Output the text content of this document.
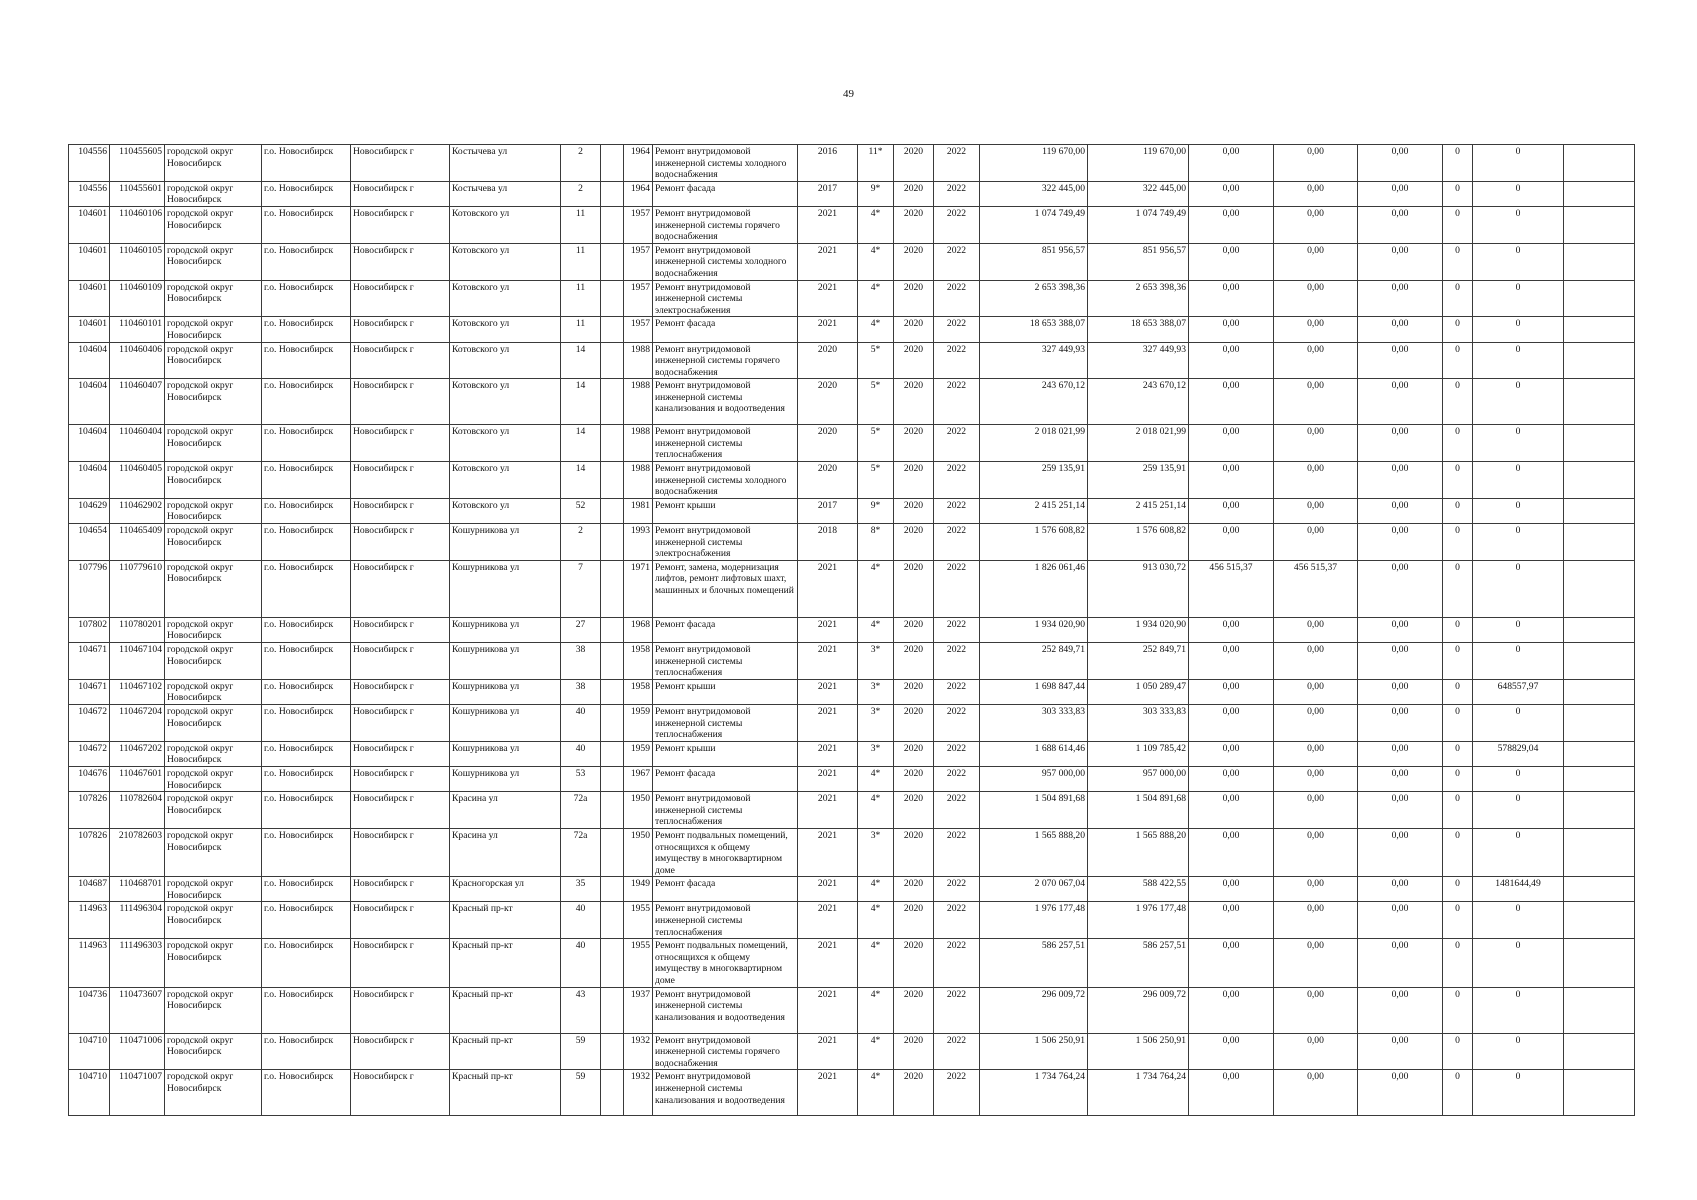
49
104556	110455605	городской округ Новосибирск	г.о. Новосибирск	Новосибирск г	Костычева ул	2		1964	Ремонт внутридомовой инженерной системы холодного водоснабжения	2016	11*	2020	2022	119 670,00	119 670,00	0,00	0,00	0,00	0	0	
104556	110455601	городской округ Новосибирск	г.о. Новосибирск	Новосибирск г	Костычева ул	2		1964	Ремонт фасада	2017	9*	2020	2022	322 445,00	322 445,00	0,00	0,00	0,00	0	0	
104601	110460106	городской округ Новосибирск	г.о. Новосибирск	Новосибирск г	Котовского ул	11		1957	Ремонт внутридомовой инженерной системы горячего водоснабжения	2021	4*	2020	2022	1 074 749,49	1 074 749,49	0,00	0,00	0,00	0	0	
104601	110460105	городской округ Новосибирск	г.о. Новосибирск	Новосибирск г	Котовского ул	11		1957	Ремонт внутридомовой инженерной системы холодного водоснабжения	2021	4*	2020	2022	851 956,57	851 956,57	0,00	0,00	0,00	0	0	
104601	110460109	городской округ Новосибирск	г.о. Новосибирск	Новосибирск г	Котовского ул	11		1957	Ремонт внутридомовой инженерной системы электроснабжения	2021	4*	2020	2022	2 653 398,36	2 653 398,36	0,00	0,00	0,00	0	0	
104601	110460101	городской округ Новосибирск	г.о. Новосибирск	Новосибирск г	Котовского ул	11		1957	Ремонт фасада	2021	4*	2020	2022	18 653 388,07	18 653 388,07	0,00	0,00	0,00	0	0	
104604	110460406	городской округ Новосибирск	г.о. Новосибирск	Новосибирск г	Котовского ул	14		1988	Ремонт внутридомовой инженерной системы горячего водоснабжения	2020	5*	2020	2022	327 449,93	327 449,93	0,00	0,00	0,00	0	0	
104604	110460407	городской округ Новосибирск	г.о. Новосибирск	Новосибирск г	Котовского ул	14		1988	Ремонт внутридомовой инженерной системы канализования и водоотведения	2020	5*	2020	2022	243 670,12	243 670,12	0,00	0,00	0,00	0	0	
104604	110460404	городской округ Новосибирск	г.о. Новосибирск	Новосибирск г	Котовского ул	14		1988	Ремонт внутридомовой инженерной системы теплоснабжения	2020	5*	2020	2022	2 018 021,99	2 018 021,99	0,00	0,00	0,00	0	0	
104604	110460405	городской округ Новосибирск	г.о. Новосибирск	Новосибирск г	Котовского ул	14		1988	Ремонт внутридомовой инженерной системы холодного водоснабжения	2020	5*	2020	2022	259 135,91	259 135,91	0,00	0,00	0,00	0	0	
104629	110462902	городской округ Новосибирск	г.о. Новосибирск	Новосибирск г	Котовского ул	52		1981	Ремонт крыши	2017	9*	2020	2022	2 415 251,14	2 415 251,14	0,00	0,00	0,00	0	0	
104654	110465409	городской округ Новосибирск	г.о. Новосибирск	Новосибирск г	Кошурникова ул	2		1993	Ремонт внутридомовой инженерной системы электроснабжения	2018	8*	2020	2022	1 576 608,82	1 576 608,82	0,00	0,00	0,00	0	0	
107796	110779610	городской округ Новосибирск	г.о. Новосибирск	Новосибирск г	Кошурникова ул	7		1971	Ремонт, замена, модернизация лифтов, ремонт лифтовых шахт, машинных и блочных помещений	2021	4*	2020	2022	1 826 061,46	913 030,72	456 515,37	456 515,37	0,00	0	0	
107802	110780201	городской округ Новосибирск	г.о. Новосибирск	Новосибирск г	Кошурникова ул	27		1968	Ремонт фасада	2021	4*	2020	2022	1 934 020,90	1 934 020,90	0,00	0,00	0,00	0	0	
104671	110467104	городской округ Новосибирск	г.о. Новосибирск	Новосибирск г	Кошурникова ул	38		1958	Ремонт внутридомовой инженерной системы теплоснабжения	2021	3*	2020	2022	252 849,71	252 849,71	0,00	0,00	0,00	0	0	
104671	110467102	городской округ Новосибирск	г.о. Новосибирск	Новосибирск г	Кошурникова ул	38		1958	Ремонт крыши	2021	3*	2020	2022	1 698 847,44	1 050 289,47	0,00	0,00	0,00	0	648557,97	
104672	110467204	городской округ Новосибирск	г.о. Новосибирск	Новосибирск г	Кошурникова ул	40		1959	Ремонт внутридомовой инженерной системы теплоснабжения	2021	3*	2020	2022	303 333,83	303 333,83	0,00	0,00	0,00	0	0	
104672	110467202	городской округ Новосибирск	г.о. Новосибирск	Новосибирск г	Кошурникова ул	40		1959	Ремонт крыши	2021	3*	2020	2022	1 688 614,46	1 109 785,42	0,00	0,00	0,00	0	578829,04	
104676	110467601	городской округ Новосибирск	г.о. Новосибирск	Новосибирск г	Кошурникова ул	53		1967	Ремонт фасада	2021	4*	2020	2022	957 000,00	957 000,00	0,00	0,00	0,00	0	0	
107826	110782604	городской округ Новосибирск	г.о. Новосибирск	Новосибирск г	Красина ул	72а		1950	Ремонт внутридомовой инженерной системы теплоснабжения	2021	4*	2020	2022	1 504 891,68	1 504 891,68	0,00	0,00	0,00	0	0	
107826	210782603	городской округ Новосибирск	г.о. Новосибирск	Новосибирск г	Красина ул	72а		1950	Ремонт подвальных помещений, относящихся к общему имуществу в многоквартирном доме	2021	3*	2020	2022	1 565 888,20	1 565 888,20	0,00	0,00	0,00	0	0	
104687	110468701	городской округ Новосибирск	г.о. Новосибирск	Новосибирск г	Красногорская ул	35		1949	Ремонт фасада	2021	4*	2020	2022	2 070 067,04	588 422,55	0,00	0,00	0,00	0	1481644,49	
114963	111496304	городской округ Новосибирск	г.о. Новосибирск	Новосибирск г	Красный пр-кт	40		1955	Ремонт внутридомовой инженерной системы теплоснабжения	2021	4*	2020	2022	1 976 177,48	1 976 177,48	0,00	0,00	0,00	0	0	
114963	111496303	городской округ Новосибирск	г.о. Новосибирск	Новосибирск г	Красный пр-кт	40		1955	Ремонт подвальных помещений, относящихся к общему имуществу в многоквартирном доме	2021	4*	2020	2022	586 257,51	586 257,51	0,00	0,00	0,00	0	0	
104736	110473607	городской округ Новосибирск	г.о. Новосибирск	Новосибирск г	Красный пр-кт	43		1937	Ремонт внутридомовой инженерной системы канализования и водоотведения	2021	4*	2020	2022	296 009,72	296 009,72	0,00	0,00	0,00	0	0	
104710	110471006	городской округ Новосибирск	г.о. Новосибирск	Новосибирск г	Красный пр-кт	59		1932	Ремонт внутридомовой инженерной системы горячего водоснабжения	2021	4*	2020	2022	1 506 250,91	1 506 250,91	0,00	0,00	0,00	0	0	
104710	110471007	городской округ Новосибирск	г.о. Новосибирск	Новосибирск г	Красный пр-кт	59		1932	Ремонт внутридомовой инженерной системы канализования и водоотведения	2021	4*	2020	2022	1 734 764,24	1 734 764,24	0,00	0,00	0,00	0	0	
